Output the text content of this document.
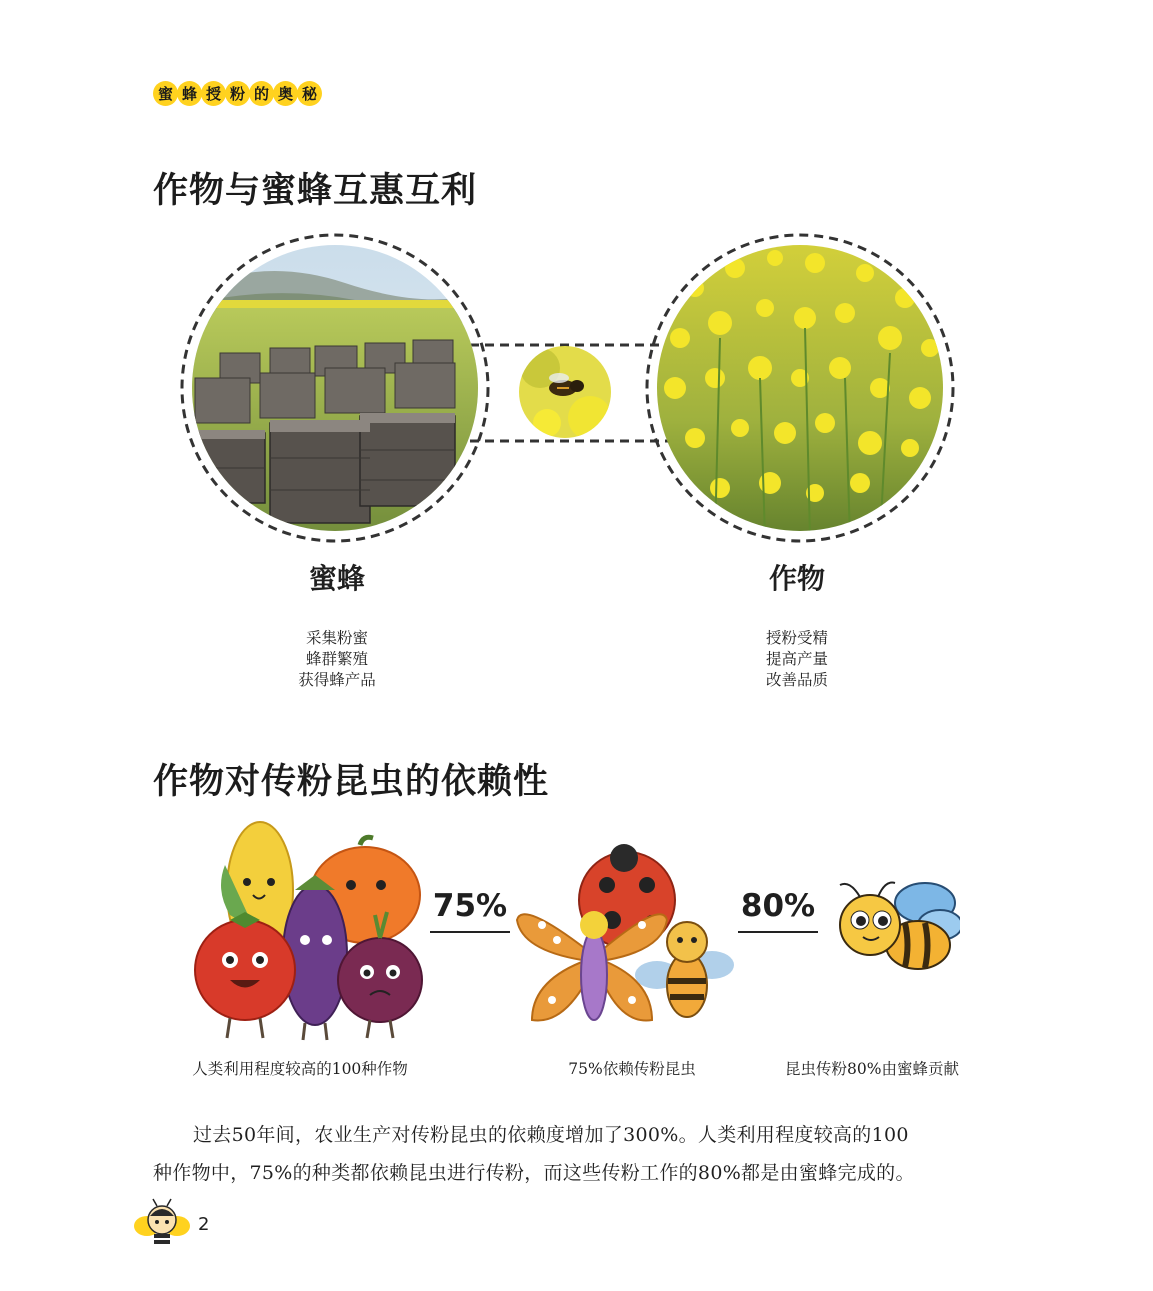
蜜 蜂 授 粉 的 奥 秘
作物与蜜蜂互惠互利
蜜蜂
采集粉蜜
蜂群繁殖
获得蜂产品
作物
授粉受精
提高产量
改善品质
作物对传粉昆虫的依赖性
75%	80%
人类利用程度较高的100种作物	75%依赖传粉昆虫	昆虫传粉80%由蜜蜂贡献

过去50年间，农业生产对传粉昆虫的依赖度增加了300%。人类利用程度较高的100

种作物中，75%的种类都依赖昆虫进行传粉，而这些传粉工作的80%都是由蜜蜂完成的。

2
